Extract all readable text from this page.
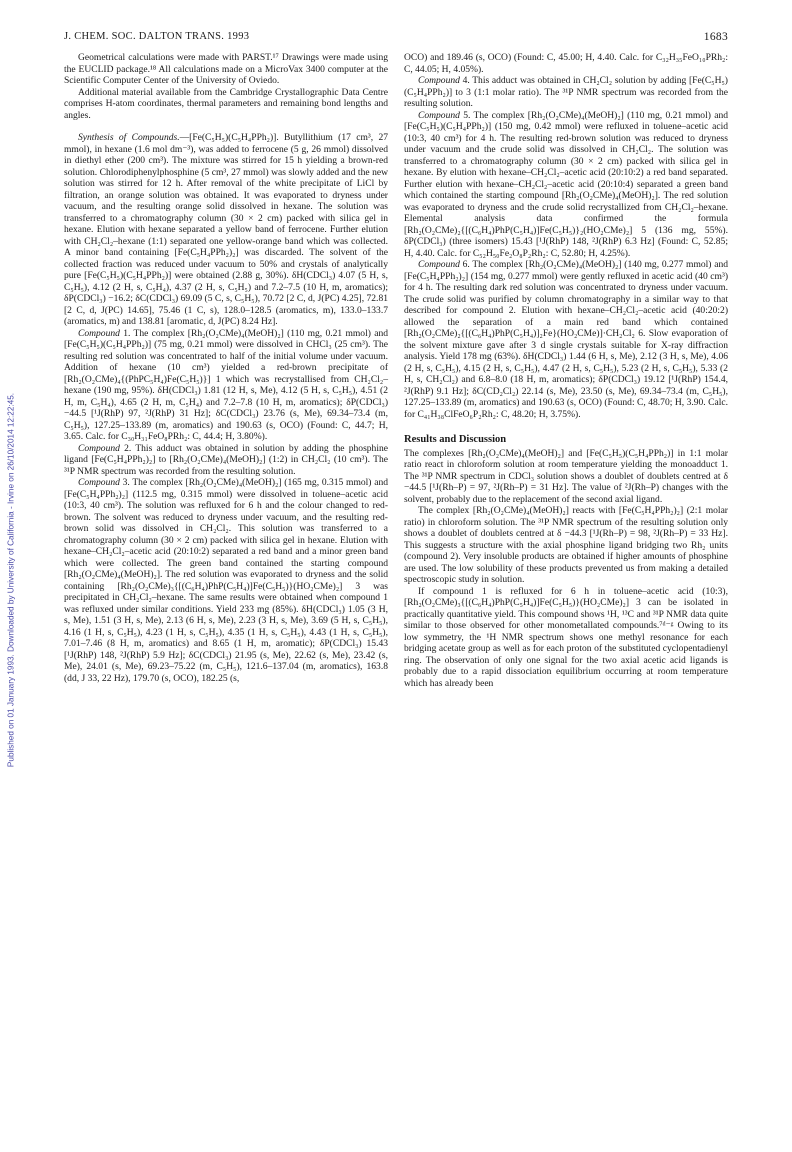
J. CHEM. SOC. DALTON TRANS. 1993	1683
Published on 01 January 1993. Downloaded by University of California - Irvine on 26/10/2014 12:22:45.

Geometrical calculations were made with PARST.¹⁷ Drawings were made using the EUCLID package.¹⁸ All calculations made on a MicroVax 3400 computer at the Scientific Computer Center of the University of Oviedo.

Additional material available from the Cambridge Crystallographic Data Centre comprises H-atom coordinates, thermal parameters and remaining bond lengths and angles.

Synthesis of Compounds.—[Fe(C₅H₅)(C₅H₄PPh₂)]. Butyllithium (17 cm³, 27 mmol), in hexane (1.6 mol dm⁻³), was added to ferrocene (5 g, 26 mmol) dissolved in diethyl ether (200 cm³). The mixture was stirred for 15 h yielding a brown-red solution. Chlorodiphenylphosphine (5 cm³, 27 mmol) was slowly added and the new solution was stirred for 12 h. After removal of the white precipitate of LiCl by filtration, an orange solution was obtained. It was evaporated to dryness under vacuum, and the resulting orange solid dissolved in hexane. The solution was transferred to a chromatography column (30 × 2 cm) packed with silica gel in hexane. Elution with hexane separated a yellow band of ferrocene. Further elution with CH₂Cl₂–hexane (1:1) separated one yellow-orange band which was collected. A minor band containing [Fe(C₅H₄PPh₂)₂] was discarded. The solvent of the collected fraction was reduced under vacuum to 50% and crystals of analytically pure [Fe(C₅H₅)(C₅H₄PPh₂)] were obtained (2.88 g, 30%). δH(CDCl₃) 4.07 (5 H, s, C₅H₅), 4.12 (2 H, s, C₅H₄), 4.37 (2 H, s, C₅H₅) and 7.2–7.5 (10 H, m, aromatics); δP(CDCl₃) −16.2; δC(CDCl₃) 69.09 (5 C, s, C₅H₅), 70.72 [2 C, d, J(PC) 4.25], 72.81 [2 C, d, J(PC) 14.65], 75.46 (1 C, s), 128.0–128.5 (aromatics, m), 133.0–133.7 (aromatics, m) and 138.81 [aromatic, d, J(PC) 8.24 Hz].

Compound 1. The complex [Rh₂(O₂CMe)₄(MeOH)₂] (110 mg, 0.21 mmol) and [Fe(C₅H₅)(C₅H₄PPh₂)] (75 mg, 0.21 mmol) were dissolved in CHCl₃ (25 cm³). The resulting red solution was concentrated to half of the initial volume under vacuum. Addition of hexane (10 cm³) yielded a red-brown precipitate of [Rh₂(O₂CMe)₄{(PhPC₅H₄)Fe(C₅H₅)}] 1 which was recrystallised from CH₂Cl₂–hexane (190 mg, 95%). δH(CDCl₃) 1.81 (12 H, s, Me), 4.12 (5 H, s, C₅H₅), 4.51 (2 H, m, C₅H₄), 4.65 (2 H, m, C₅H₄) and 7.2–7.8 (10 H, m, aromatics); δP(CDCl₃) −44.5 [¹J(RhP) 97, ²J(RhP) 31 Hz]; δC(CDCl₃) 23.76 (s, Me), 69.34–73.4 (m, C₅H₅), 127.25–133.89 (m, aromatics) and 190.63 (s, OCO) (Found: C, 44.7; H, 3.65. Calc. for C₃₀H₃₁FeO₈PRh₂: C, 44.4; H, 3.80%).

Compound 2. This adduct was obtained in solution by adding the phosphine ligand [Fe(C₅H₄PPh₂)₂] to [Rh₂(O₂CMe)₄(MeOH)₂] (1:2) in CH₂Cl₂ (10 cm³). The ³¹P NMR spectrum was recorded from the resulting solution.

Compound 3. The complex [Rh₂(O₂CMe)₄(MeOH)₂] (165 mg, 0.315 mmol) and [Fe(C₅H₄PPh₂)₂] (112.5 mg, 0.315 mmol) were dissolved in toluene–acetic acid (10:3, 40 cm³). The solution was refluxed for 6 h and the colour changed to red-brown. The solvent was reduced to dryness under vacuum, and the resulting red-brown solid was dissolved in CH₂Cl₂. This solution was transferred to a chromatography column (30 × 2 cm) packed with silica gel in hexane. Elution with hexane–CH₂Cl₂–acetic acid (20:10:2) separated a red band and a minor green band which were collected. The green band contained the starting compound [Rh₂(O₂CMe)₄(MeOH)₂]. The red solution was evaporated to dryness and the solid containing [Rh₂(O₂CMe)₃{[(C₆H₄)PhP(C₅H₄)]Fe(C₅H₅)}(HO₂CMe)₂] 3 was precipitated in CH₂Cl₂–hexane. The same results were obtained when compound 1 was refluxed under similar conditions. Yield 233 mg (85%). δH(CDCl₃) 1.05 (3 H, s, Me), 1.51 (3 H, s, Me), 2.13 (6 H, s, Me), 2.23 (3 H, s, Me), 3.69 (5 H, s, C₅H₅), 4.16 (1 H, s, C₅H₅), 4.23 (1 H, s, C₅H₅), 4.35 (1 H, s, C₅H₅), 4.43 (1 H, s, C₅H₅), 7.01–7.46 (8 H, m, aromatics) and 8.65 (1 H, m, aromatic); δP(CDCl₃) 15.43 [¹J(RhP) 148, ²J(RhP) 5.9 Hz]; δC(CDCl₃) 21.95 (s, Me), 22.62 (s, Me), 23.42 (s, Me), 24.01 (s, Me), 69.23–75.22 (m, C₅H₅), 121.6–137.04 (m, aromatics), 163.8 (dd, J 33, 22 Hz), 179.70 (s, OCO), 182.25 (s,

OCO) and 189.46 (s, OCO) (Found: C, 45.00; H, 4.40. Calc. for C₃₂H₃₅FeO₁₀PRh₂: C, 44.05; H, 4.05%).

Compound 4. This adduct was obtained in CH₂Cl₂ solution by adding [Fe(C₅H₅)(C₅H₄PPh₂)] to 3 (1:1 molar ratio). The ³¹P NMR spectrum was recorded from the resulting solution.

Compound 5. The complex [Rh₂(O₂CMe)₄(MeOH)₂] (110 mg, 0.21 mmol) and [Fe(C₅H₅)(C₅H₄PPh₂)] (150 mg, 0.42 mmol) were refluxed in toluene–acetic acid (10:3, 40 cm³) for 4 h. The resulting red-brown solution was reduced to dryness under vacuum and the crude solid was dissolved in CH₂Cl₂. The solution was transferred to a chromatography column (30 × 2 cm) packed with silica gel in hexane. By elution with hexane–CH₂Cl₂–acetic acid (20:10:2) a red band separated. Further elution with hexane–CH₂Cl₂–acetic acid (20:10:4) separated a green band which contained the starting compound [Rh₂(O₂CMe)₄(MeOH)₂]. The red solution was evaporated to dryness and the crude solid recrystallized from CH₂Cl₂–hexane. Elemental analysis data confirmed the formula [Rh₂(O₂CMe)₂{[(C₆H₄)PhP(C₅H₄)]Fe(C₅H₅)}₂(HO₂CMe)₂] 5 (136 mg, 55%). δP(CDCl₃) (three isomers) 15.43 [¹J(RhP) 148, ²J(RhP) 6.3 Hz] (Found: C, 52.85; H, 4.40. Calc. for C₅₂H₅₀Fe₂O₈P₂Rh₂: C, 52.80; H, 4.25%).

Compound 6. The complex [Rh₂(O₂CMe)₄(MeOH)₂] (140 mg, 0.277 mmol) and [Fe(C₅H₄PPh₂)₂] (154 mg, 0.277 mmol) were gently refluxed in acetic acid (40 cm³) for 4 h. The resulting dark red solution was concentrated to dryness under vacuum. The crude solid was purified by column chromatography in a similar way to that described for compound 2. Elution with hexane–CH₂Cl₂–acetic acid (40:20:2) allowed the separation of a main red band which contained [Rh₂(O₂CMe)₂{[(C₆H₄)PhP(C₅H₄)]₂Fe}(HO₂CMe)]·CH₂Cl₂ 6. Slow evaporation of the solvent mixture gave after 3 d single crystals suitable for X-ray diffraction analysis. Yield 178 mg (63%). δH(CDCl₃) 1.44 (6 H, s, Me), 2.12 (3 H, s, Me), 4.06 (2 H, s, C₅H₅), 4.15 (2 H, s, C₅H₅), 4.47 (2 H, s, C₅H₅), 5.23 (2 H, s, C₅H₅), 5.33 (2 H, s, CH₂Cl₂) and 6.8–8.0 (18 H, m, aromatics); δP(CDCl₃) 19.12 [¹J(RhP) 154.4, ²J(RhP) 9.1 Hz]; δC(CD₂Cl₂) 22.14 (s, Me), 23.50 (s, Me), 69.34–73.4 (m, C₅H₅), 127.25–133.89 (m, aromatics) and 190.63 (s, OCO) (Found: C, 48.70; H, 3.90. Calc. for C₄₁H₃₈ClFeO₆P₂Rh₂: C, 48.20; H, 3.75%).

Results and Discussion

The complexes [Rh₂(O₂CMe)₄(MeOH)₂] and [Fe(C₅H₅)(C₅H₄PPh₂)] in 1:1 molar ratio react in chloroform solution at room temperature yielding the monoadduct 1. The ³¹P NMR spectrum in CDCl₃ solution shows a doublet of doublets centred at δ −44.5 [¹J(Rh–P) = 97, ²J(Rh–P) = 31 Hz]. The value of ²J(Rh–P) changes with the solvent, probably due to the replacement of the second axial ligand.

The complex [Rh₂(O₂CMe)₄(MeOH)₂] reacts with [Fe(C₅H₄PPh₂)₂] (2:1 molar ratio) in chloroform solution. The ³¹P NMR spectrum of the resulting solution only shows a doublet of doublets centred at δ −44.3 [¹J(Rh–P) = 98, ²J(Rh–P) = 33 Hz]. This suggests a structure with the axial phosphine ligand bridging two Rh₂ units (compound 2). Very insoluble products are obtained if higher amounts of phosphine are used. The low solubility of these products prevented us from making a detailed spectroscopic study in solution.

If compound 1 is refluxed for 6 h in toluene–acetic acid (10:3), [Rh₂(O₂CMe)₃{[(C₆H₄)PhP(C₅H₄)]Fe(C₅H₅)}(HO₂CMe)₂] 3 can be isolated in practically quantitative yield. This compound shows ¹H, ¹³C and ³¹P NMR data quite similar to those observed for other monometallated compounds.⁷ᵈ⁻ᵍ Owing to its low symmetry, the ¹H NMR spectrum shows one methyl resonance for each bridging acetate group as well as for each proton of the substituted cyclopentadienyl ring. The observation of only one signal for the two axial acetic acid ligands is probably due to a rapid dissociation equilibrium occurring at room temperature which has already been
